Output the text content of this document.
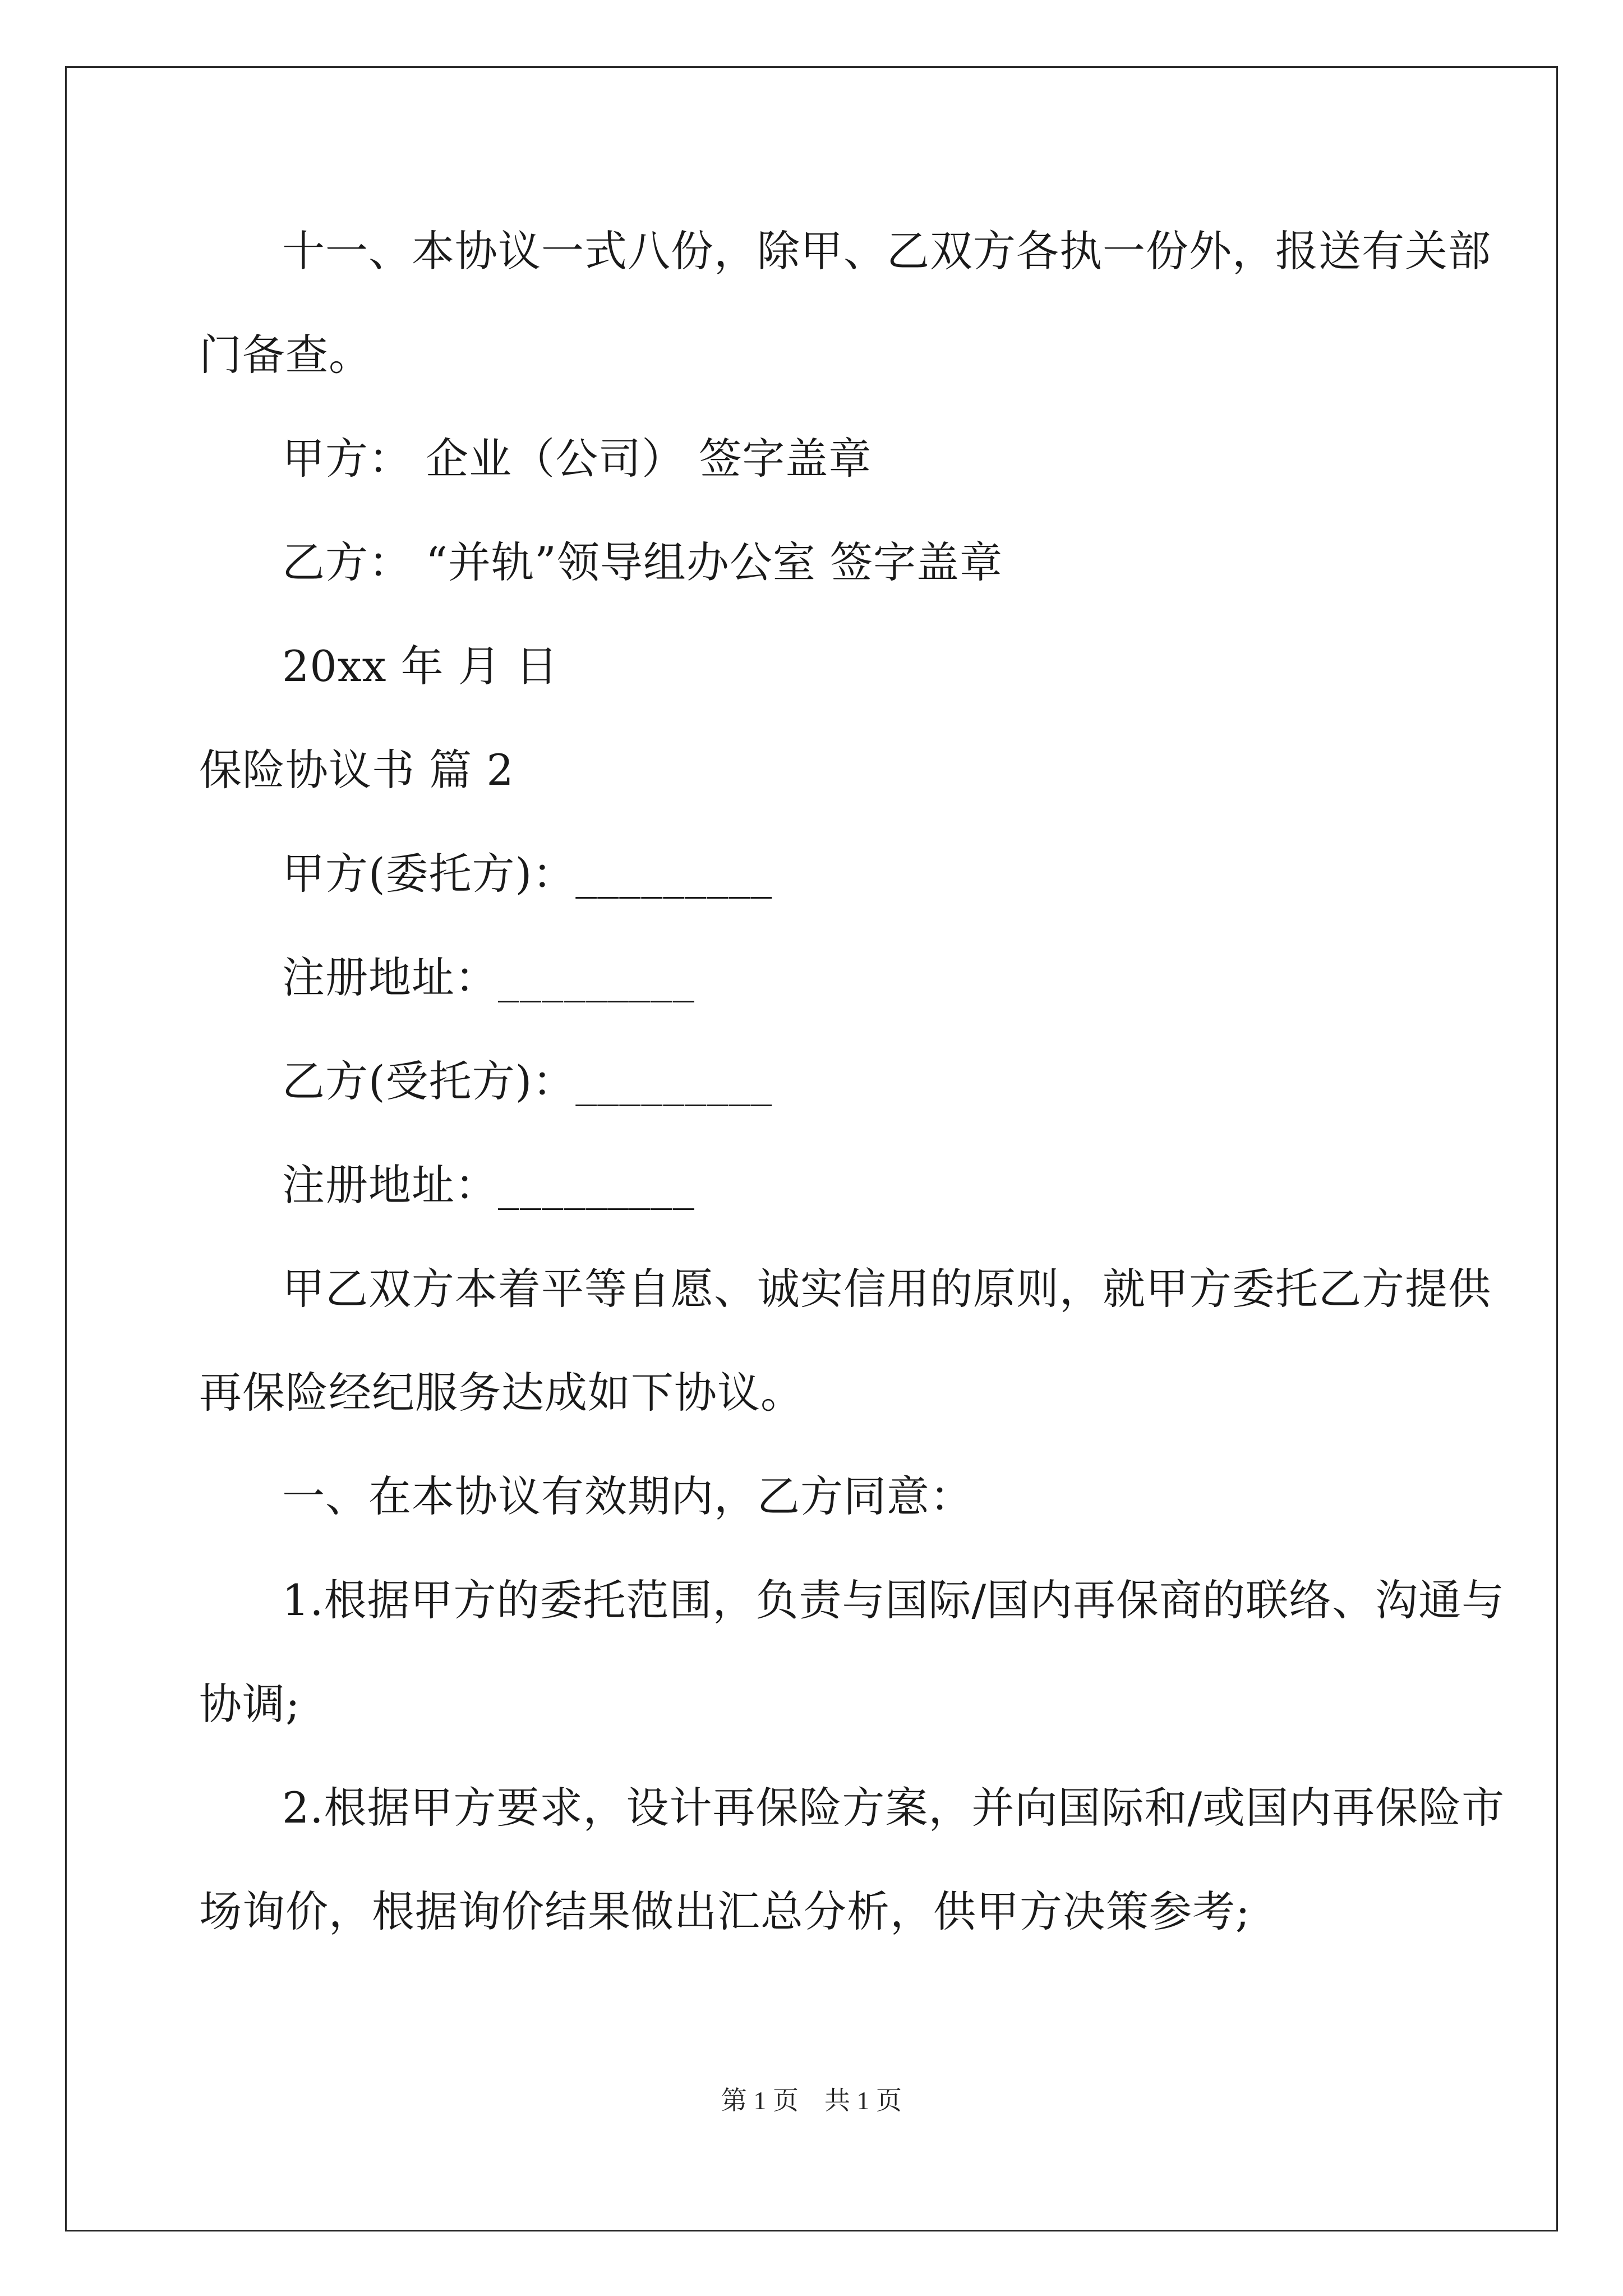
十一、本协议一式八份，除甲、乙双方各执一份外，报送有关部
门备查。
甲方： 企业（公司） 签字盖章
乙方： “并轨”领导组办公室 签字盖章
20xx 年 月 日
保险协议书 篇 2
甲方(委托方)：_________
注册地址：_________
乙方(受托方)：_________
注册地址：_________
甲乙双方本着平等自愿、诚实信用的原则，就甲方委托乙方提供
再保险经纪服务达成如下协议。
一、在本协议有效期内，乙方同意：
1.根据甲方的委托范围，负责与国际/国内再保商的联络、沟通与
协调;
2.根据甲方要求，设计再保险方案，并向国际和/或国内再保险市
场询价，根据询价结果做出汇总分析，供甲方决策参考;
第 1 页　共 1 页
